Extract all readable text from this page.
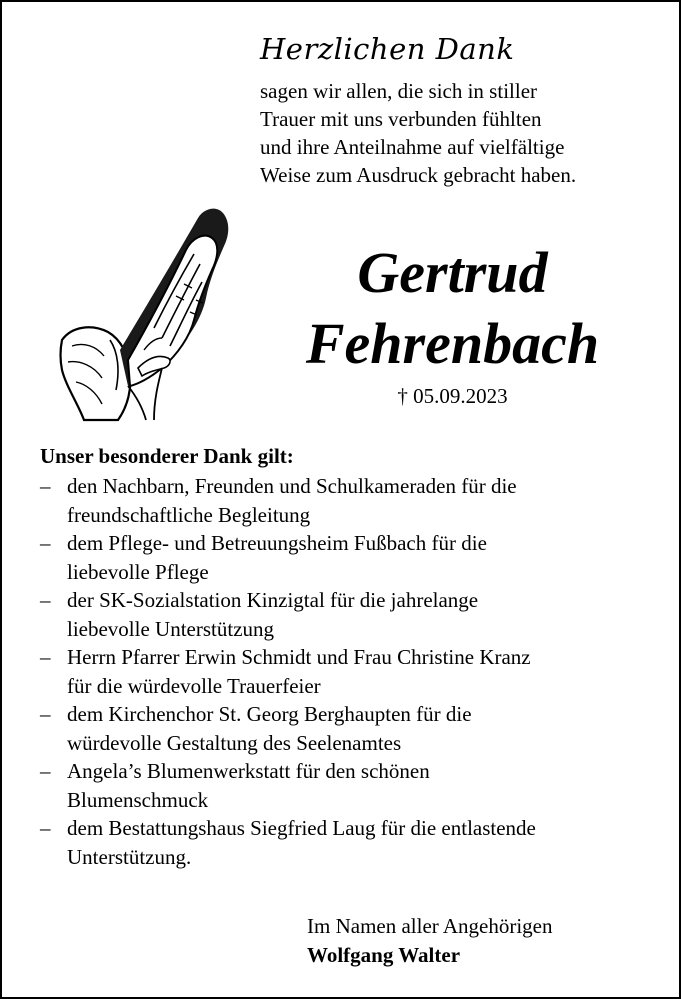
Herzlichen Dank
sagen wir allen, die sich in stiller
Trauer mit uns verbunden fühlten
und ihre Anteilnahme auf vielfältige
Weise zum Ausdruck gebracht haben.
Gertrud
Fehrenbach
† 05.09.2023
Unser besonderer Dank gilt:
– den Nachbarn, Freunden und Schulkameraden für die
freundschaftliche Begleitung
– dem Pflege- und Betreuungsheim Fußbach für die
liebevolle Pflege
– der SK-Sozialstation Kinzigtal für die jahrelange
liebevolle Unterstützung
– Herrn Pfarrer Erwin Schmidt und Frau Christine Kranz
für die würdevolle Trauerfeier
– dem Kirchenchor St. Georg Berghaupten für die
würdevolle Gestaltung des Seelenamtes
– Angela’s Blumenwerkstatt für den schönen
Blumenschmuck
– dem Bestattungshaus Siegfried Laug für die entlastende
Unterstützung.
Im Namen aller Angehörigen
Wolfgang Walter
